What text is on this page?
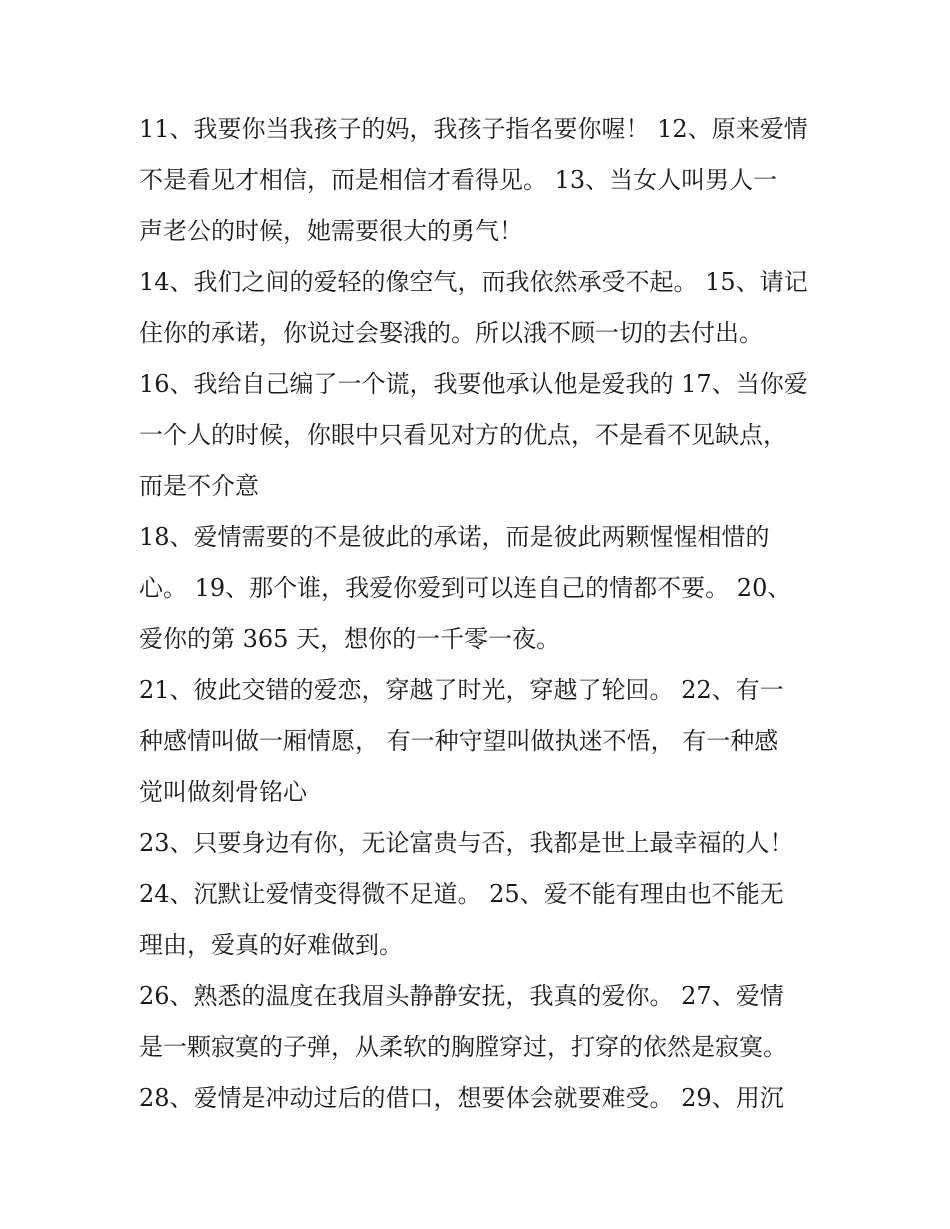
11、我要你当我孩子的妈，我孩子指名要你喔！ 12、原来爱情
不是看见才相信，而是相信才看得见。 13、当女人叫男人一
声老公的时候，她需要很大的勇气！
14、我们之间的爱轻的像空气，而我依然承受不起。 15、请记
住你的承诺，你说过会娶涐的。所以涐不顾一切的去付出。
16、我给自己编了一个谎，我要他承认他是爱我的 17、当你爱
一个人的时候，你眼中只看见对方的优点，不是看不见缺点，
而是不介意
18、爱情需要的不是彼此的承诺，而是彼此两颗惺惺相惜的
心。 19、那个谁，我爱你爱到可以连自己的情都不要。 20、
爱你的第 365 天，想你的一千零一夜。
21、彼此交错的爱恋，穿越了时光，穿越了轮回。 22、有一
种感情叫做一厢情愿， 有一种守望叫做执迷不悟， 有一种感
觉叫做刻骨铭心
23、只要身边有你，无论富贵与否，我都是世上最幸福的人！
24、沉默让爱情变得微不足道。 25、爱不能有理由也不能无
理由，爱真的好难做到。
26、熟悉的温度在我眉头静静安抚，我真的爱你。 27、爱情
是一颗寂寞的子弹，从柔软的胸膛穿过，打穿的依然是寂寞。
28、爱情是冲动过后的借口，想要体会就要难受。 29、用沉
